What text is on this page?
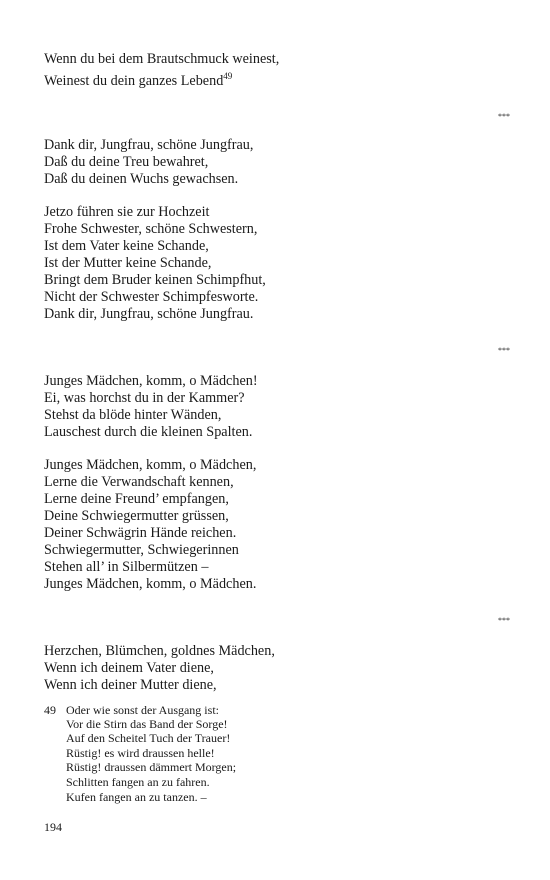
Wenn du bei dem Brautschmuck weinest,
Weinest du dein ganzes Lebend$^{49}$
***
Dank dir, Jungfrau, schöne Jungfrau,
Daß du deine Treu bewahret,
Daß du deinen Wuchs gewachsen.
Jetzo führen sie zur Hochzeit
Frohe Schwester, schöne Schwestern,
Ist dem Vater keine Schande,
Ist der Mutter keine Schande,
Bringt dem Bruder keinen Schimpfhut,
Nicht der Schwester Schimpfesworte.
Dank dir, Jungfrau, schöne Jungfrau.
***
Junges Mädchen, komm, o Mädchen!
Ei, was horchst du in der Kammer?
Stehst da blöde hinter Wänden,
Lauschest durch die kleinen Spalten.
Junges Mädchen, komm, o Mädchen,
Lerne die Verwandschaft kennen,
Lerne deine Freund’ empfangen,
Deine Schwiegermutter grüssen,
Deiner Schwägrin Hände reichen.
Schwiegermutter, Schwiegerinnen
Stehen all’ in Silbermützen –
Junges Mädchen, komm, o Mädchen.
***
Herzchen, Blümchen, goldnes Mädchen,
Wenn ich deinem Vater diene,
Wenn ich deiner Mutter diene,
49 Oder wie sonst der Ausgang ist:
Vor die Stirn das Band der Sorge!
Auf den Scheitel Tuch der Trauer!
Rüstig! es wird draussen helle!
Rüstig! draussen dämmert Morgen;
Schlitten fangen an zu fahren.
Kufen fangen an zu tanzen. –
194
